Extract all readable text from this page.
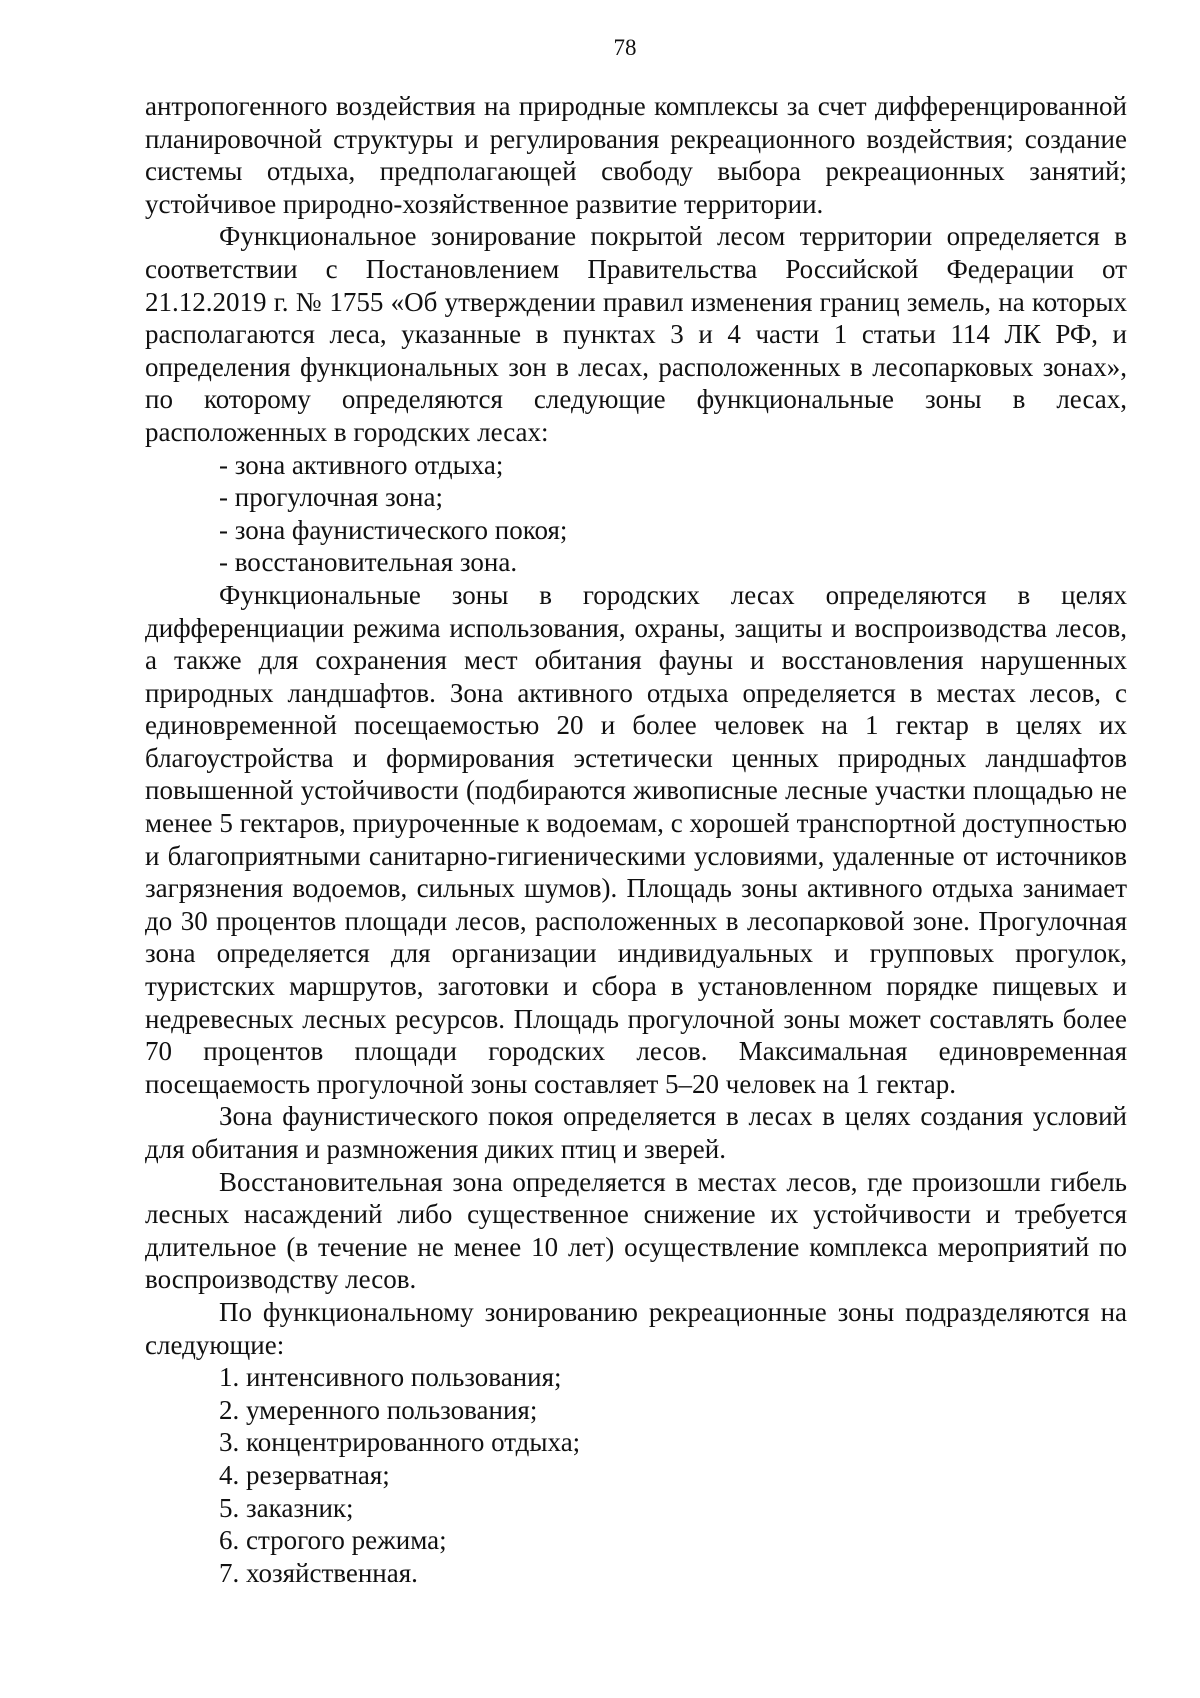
78

антропогенного воздействия на природные комплексы за счет дифференцированной планировочной структуры и регулирования рекреационного воздействия; создание системы отдыха, предполагающей свободу выбора рекреационных занятий; устойчивое природно-хозяйственное развитие территории.

Функциональное зонирование покрытой лесом территории определяется в соответствии с Постановлением Правительства Российской Федерации от 21.12.2019 г. № 1755 «Об утверждении правил изменения границ земель, на которых располагаются леса, указанные в пунктах 3 и 4 части 1 статьи 114 ЛК РФ, и определения функциональных зон в лесах, расположенных в лесопарковых зонах», по которому определяются следующие функциональные зоны в лесах, расположенных в городских лесах:

- зона активного отдыха;

- прогулочная зона;

- зона фаунистического покоя;

- восстановительная зона.

Функциональные зоны в городских лесах определяются в целях дифференциации режима использования, охраны, защиты и воспроизводства лесов, а также для сохранения мест обитания фауны и восстановления нарушенных природных ландшафтов. Зона активного отдыха определяется в местах лесов, с единовременной посещаемостью 20 и более человек на 1 гектар в целях их благоустройства и формирования эстетически ценных природных ландшафтов повышенной устойчивости (подбираются живописные лесные участки площадью не менее 5 гектаров, приуроченные к водоемам, с хорошей транспортной доступностью и благоприятными санитарно-гигиеническими условиями, удаленные от источников загрязнения водоемов, сильных шумов). Площадь зоны активного отдыха занимает до 30 процентов площади лесов, расположенных в лесопарковой зоне. Прогулочная зона определяется для организации индивидуальных и групповых прогулок, туристских маршрутов, заготовки и сбора в установленном порядке пищевых и недревесных лесных ресурсов. Площадь прогулочной зоны может составлять более 70 процентов площади городских лесов. Максимальная единовременная посещаемость прогулочной зоны составляет 5–20 человек на 1 гектар.

Зона фаунистического покоя определяется в лесах в целях создания условий для обитания и размножения диких птиц и зверей.

Восстановительная зона определяется в местах лесов, где произошли гибель лесных насаждений либо существенное снижение их устойчивости и требуется длительное (в течение не менее 10 лет) осуществление комплекса мероприятий по воспроизводству лесов.

По функциональному зонированию рекреационные зоны подразделяются на следующие:

1. интенсивного пользования;

2. умеренного пользования;

3. концентрированного отдыха;

4. резерватная;

5. заказник;

6. строгого режима;

7. хозяйственная.
